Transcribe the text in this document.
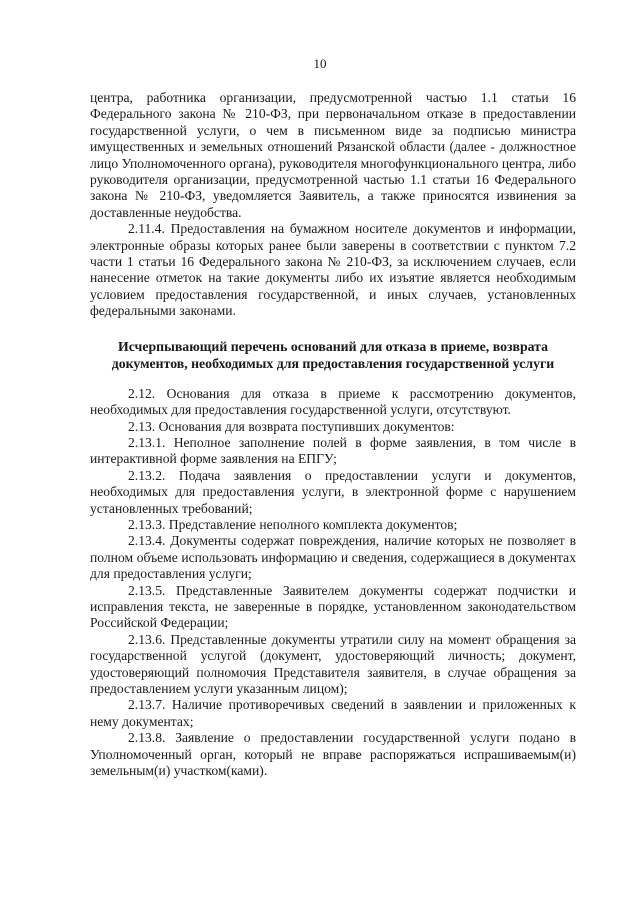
10

центра, работника организации, предусмотренной частью 1.1 статьи 16 Федерального закона № 210-ФЗ, при первоначальном отказе в предоставлении государственной услуги, о чем в письменном виде за подписью министра имущественных и земельных отношений Рязанской области (далее - должностное лицо Уполномоченного органа), руководителя многофункционального центра, либо руководителя организации, предусмотренной частью 1.1 статьи 16 Федерального закона № 210-ФЗ, уведомляется Заявитель, а также приносятся извинения за доставленные неудобства.

2.11.4. Предоставления на бумажном носителе документов и информации, электронные образы которых ранее были заверены в соответствии с пунктом 7.2 части 1 статьи 16 Федерального закона № 210-ФЗ, за исключением случаев, если нанесение отметок на такие документы либо их изъятие является необходимым условием предоставления государственной, и иных случаев, установленных федеральными законами.

Исчерпывающий перечень оснований для отказа в приеме, возврата документов, необходимых для предоставления государственной услуги

2.12. Основания для отказа в приеме к рассмотрению документов, необходимых для предоставления государственной услуги, отсутствуют.

2.13. Основания для возврата поступивших документов:

2.13.1. Неполное заполнение полей в форме заявления, в том числе в интерактивной форме заявления на ЕПГУ;

2.13.2. Подача заявления о предоставлении услуги и документов, необходимых для предоставления услуги, в электронной форме с нарушением установленных требований;

2.13.3. Представление неполного комплекта документов;

2.13.4. Документы содержат повреждения, наличие которых не позволяет в полном объеме использовать информацию и сведения, содержащиеся в документах для предоставления услуги;

2.13.5. Представленные Заявителем документы содержат подчистки и исправления текста, не заверенные в порядке, установленном законодательством Российской Федерации;

2.13.6. Представленные документы утратили силу на момент обращения за государственной услугой (документ, удостоверяющий личность; документ, удостоверяющий полномочия Представителя заявителя, в случае обращения за предоставлением услуги указанным лицом);

2.13.7. Наличие противоречивых сведений в заявлении и приложенных к нему документах;

2.13.8. Заявление о предоставлении государственной услуги подано в Уполномоченный орган, который не вправе распоряжаться испрашиваемым(и) земельным(и) участком(ками).
